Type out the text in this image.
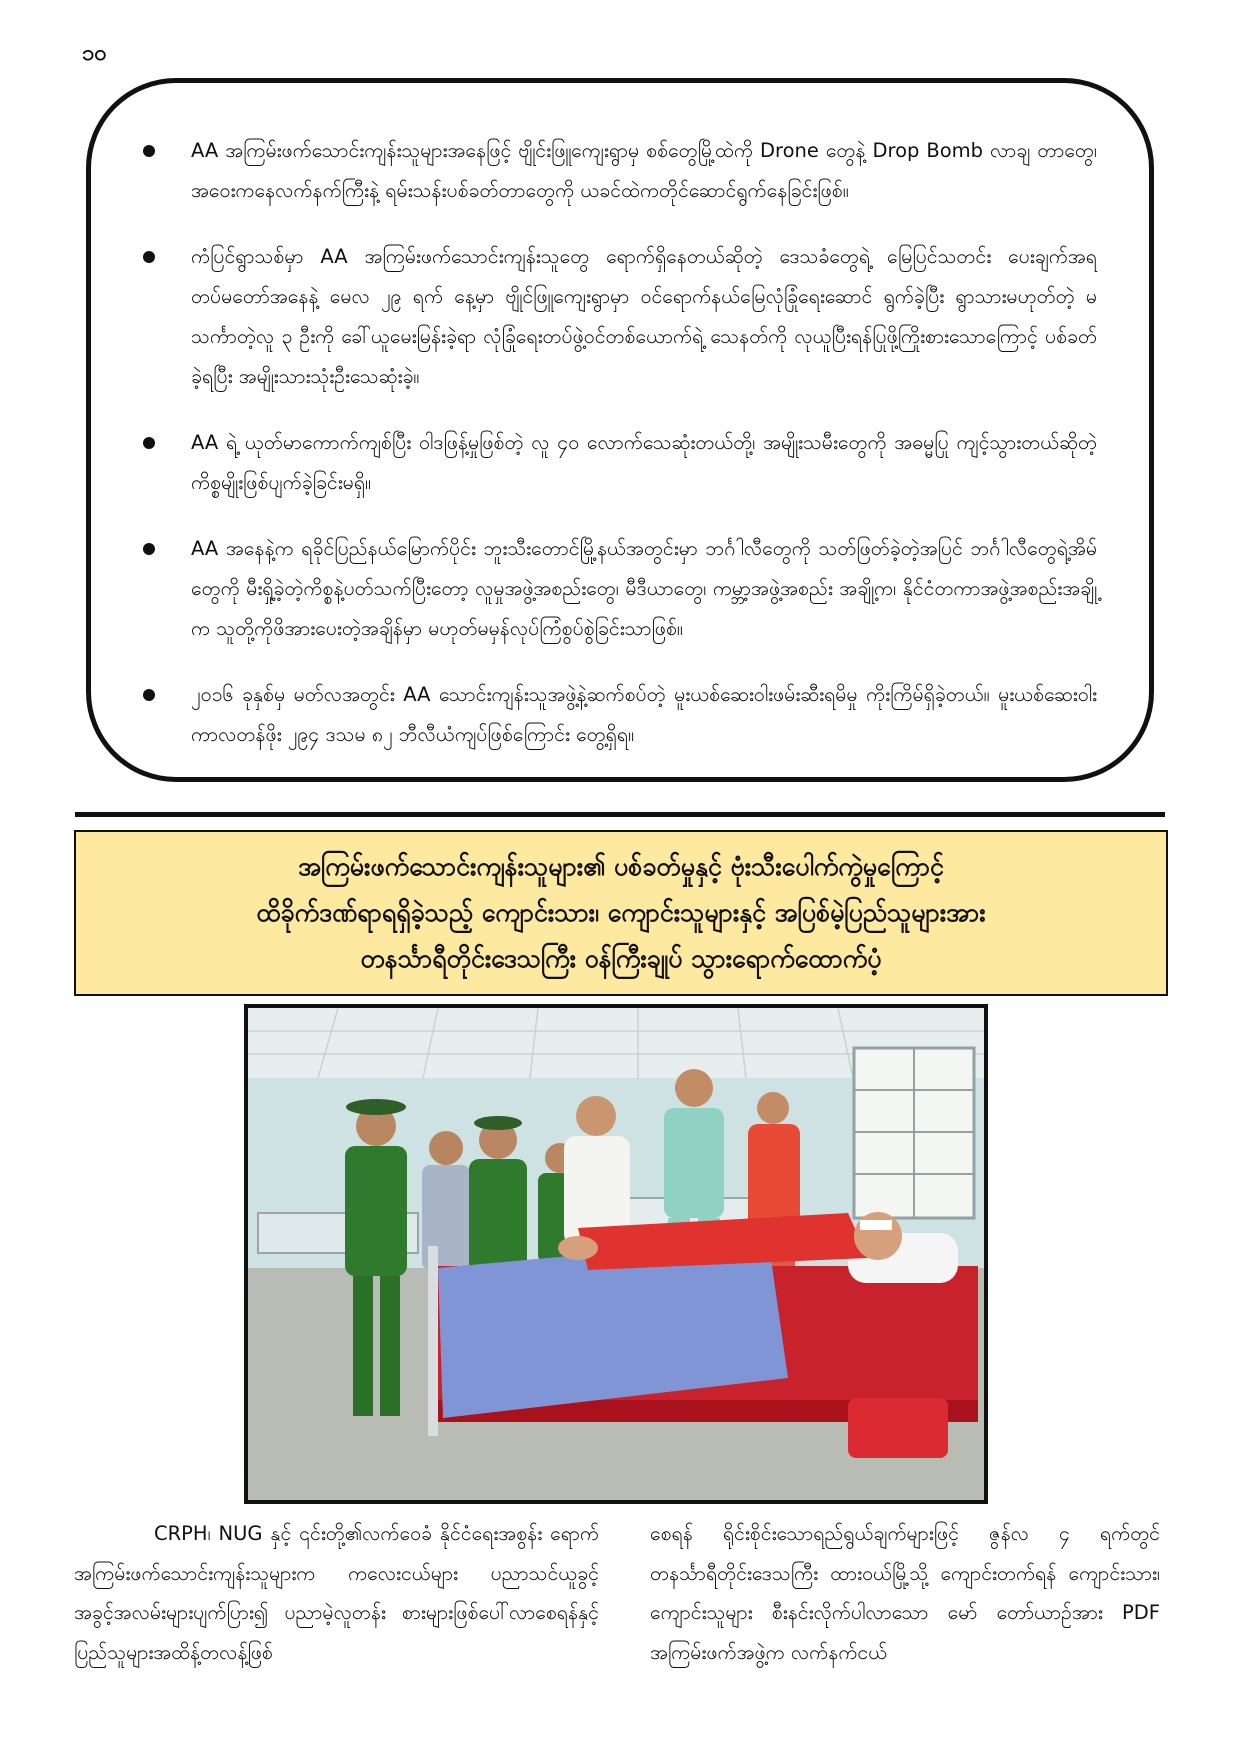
၁၀
AA အကြမ်းဖက်သောင်းကျန်းသူများအနေဖြင့် ဗျိုင်းဖြူကျေးရွာမှ စစ်တွေမြို့ထဲကို Drone တွေနဲ့ Drop Bomb လာချ တာတွေ၊ အဝေးကနေလက်နက်ကြီးနဲ့ ရမ်းသန်းပစ်ခတ်တာတွေကို ယခင်ထဲကတိုင်ဆောင်ရွက်နေခြင်းဖြစ်။
ကံပြင်ရွာသစ်မှာ AA အကြမ်းဖက်သောင်းကျန်းသူတွေ ရောက်ရှိနေတယ်ဆိုတဲ့ ဒေသခံတွေရဲ့ မြေပြင်သတင်း ပေးချက်အရ တပ်မတော်အနေနဲ့ မေလ ၂၉ ရက် နေ့မှာ ဗျိုင်ဖြူကျေးရွာမှာ ဝင်ရောက်နယ်မြေလုံခြုံရေးဆောင် ရွက်ခဲ့ပြီး ရွာသားမဟုတ်တဲ့ မသင်္ကာတဲ့လူ ၃ ဦးကို ခေါ်ယူမေးမြန်းခဲ့ရာ လုံခြုံရေးတပ်ဖွဲ့ဝင်တစ်ယောက်ရဲ့ သေနတ်ကို လုယူပြီးရန်ပြုဖို့ကြိုးစားသောကြောင့် ပစ်ခတ်ခဲ့ရပြီး အမျိုးသားသုံးဦးသေဆုံးခဲ့။
AA ရဲ့ ယုတ်မာကောက်ကျစ်ပြီး ဝါဒဖြန့်မှုဖြစ်တဲ့ လူ ၄၀ လောက်သေဆုံးတယ်တို့၊ အမျိုးသမီးတွေကို အဓမ္မပြု ကျင့်သွားတယ်ဆိုတဲ့ကိစ္စမျိုးဖြစ်ပျက်ခဲ့ခြင်းမရှိ။
AA အနေနဲ့က ရခိုင်ပြည်နယ်မြောက်ပိုင်း ဘူးသီးတောင်မြို့နယ်အတွင်းမှာ ဘင်္ဂါလီတွေကို သတ်ဖြတ်ခဲ့တဲ့အပြင် ဘင်္ဂါလီတွေရဲ့အိမ်တွေကို မီးရှို့ခဲ့တဲ့ကိစ္စနဲ့ပတ်သက်ပြီးတော့ လူမှုအဖွဲ့အစည်းတွေ၊ မီဒီယာတွေ၊ ကမ္ဘာ့အဖွဲ့အစည်း အချို့က၊ နိုင်ငံတကာအဖွဲ့အစည်းအချို့က သူတို့ကိုဖိအားပေးတဲ့အချိန်မှာ မဟုတ်မမှန်လုပ်ကြံစွပ်စွဲခြင်းသာဖြစ်။
၂၀၁၆ ခုနှစ်မှ မတ်လအတွင်း AA သောင်းကျန်းသူအဖွဲ့နဲ့ဆက်စပ်တဲ့ မူးယစ်ဆေးဝါးဖမ်းဆီးရမိမှု ကိုးကြိမ်ရှိခဲ့တယ်။ မူးယစ်ဆေးဝါးကာလတန်ဖိုး ၂၉၄ ဒသမ ၈၂ ဘီလီယံကျပ်ဖြစ်ကြောင်း တွေ့ရှိရ။
အကြမ်းဖက်သောင်းကျန်းသူများ၏ ပစ်ခတ်မှုနှင့် ဗုံးသီးပေါက်ကွဲမှုကြောင့်
ထိခိုက်ဒဏ်ရာရရှိခဲ့သည့် ကျောင်းသား၊ ကျောင်းသူများနှင့် အပြစ်မဲ့ပြည်သူများအား
တနင်္သာရီတိုင်းဒေသကြီး ဝန်ကြီးချုပ် သွားရောက်ထောက်ပံ့
CRPH၊ NUG နှင့် ၎င်းတို့၏လက်ဝေခံ နိုင်ငံရေးအစွန်း ရောက် အကြမ်းဖက်သောင်းကျန်းသူများက ကလေးငယ်များ ပညာသင်ယူခွင့် အခွင့်အလမ်းများပျက်ပြား၍ ပညာမဲ့လူတန်း စားများဖြစ်ပေါ်လာစေရန်နှင့် ပြည်သူများအထိန့်တလန့်ဖြစ်
စေရန် ရိုင်းစိုင်းသောရည်ရွယ်ချက်များဖြင့် ဇွန်လ ၄ ရက်တွင် တနင်္သာရီတိုင်းဒေသကြီး ထားဝယ်မြို့သို့ ကျောင်းတက်ရန် ကျောင်းသား၊ ကျောင်းသူများ စီးနင်းလိုက်ပါလာသော မော် တော်ယာဉ်အား PDF အကြမ်းဖက်အဖွဲ့က လက်နက်ငယ်
